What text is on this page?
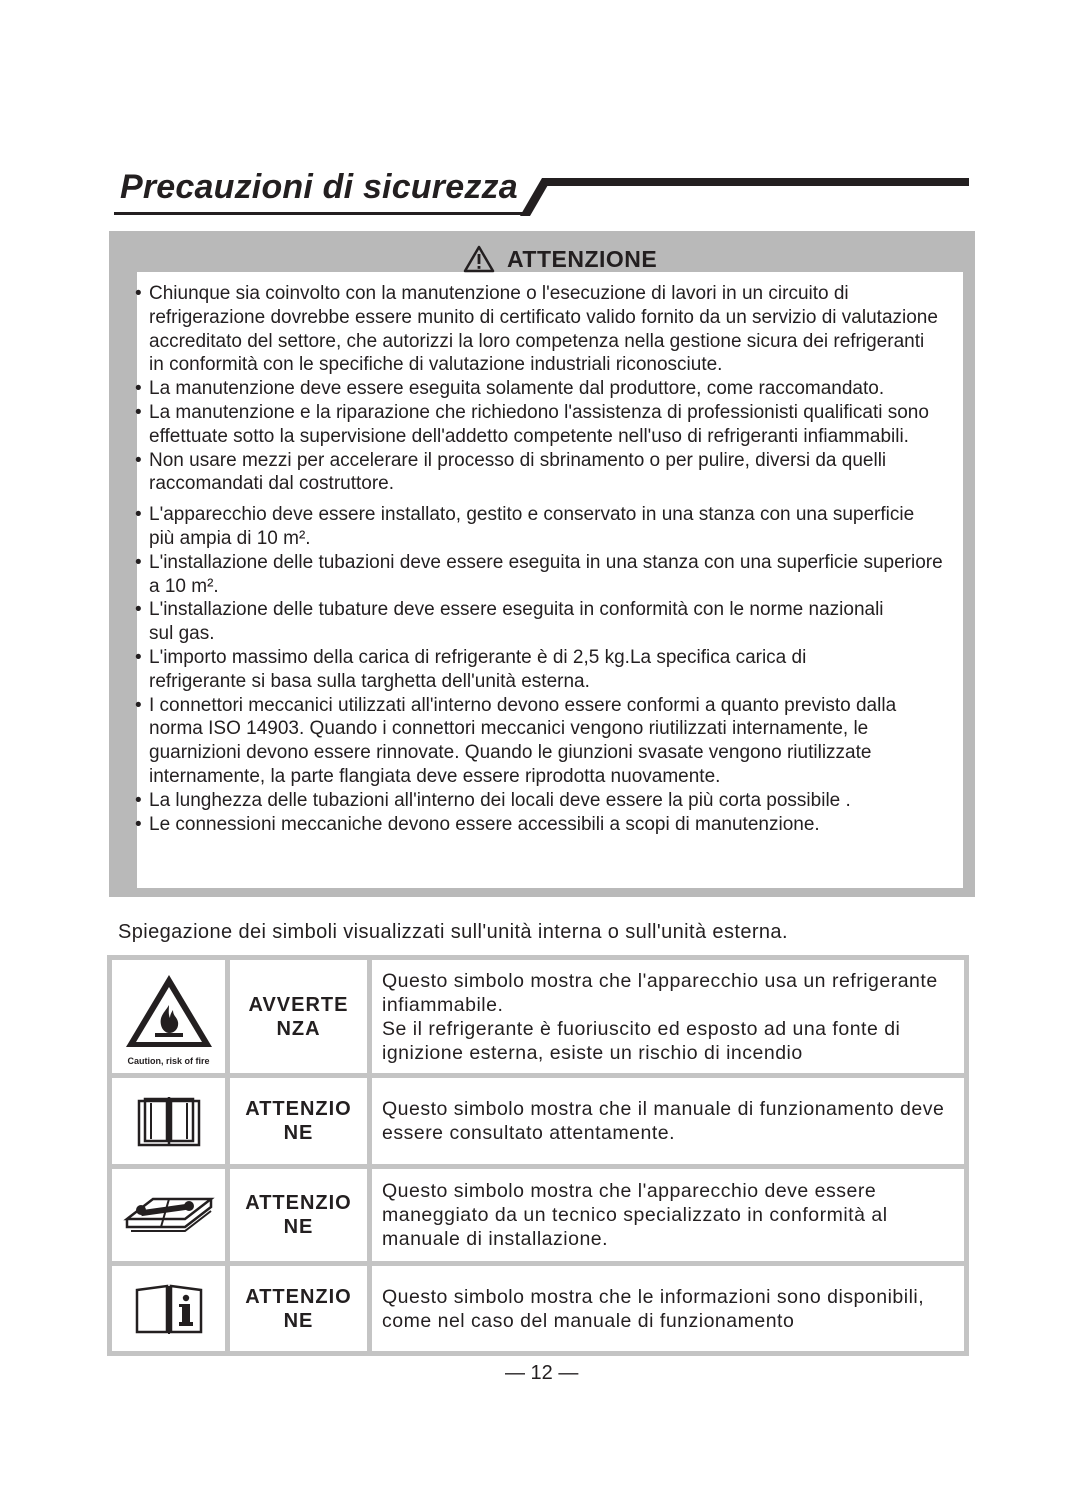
Precauzioni di sicurezza
ATTENZIONE
• Chiunque sia coinvolto con la manutenzione o l'esecuzione di lavori in un circuito di refrigerazione dovrebbe essere munito di certificato valido fornito da un servizio di valutazione accreditato del settore, che autorizzi la loro competenza nella gestione sicura dei refrigeranti in conformità con le specifiche di valutazione industriali riconosciute.
• La manutenzione deve essere eseguita solamente dal produttore, come raccomandato.
• La manutenzione e la riparazione che richiedono l'assistenza di professionisti qualificati sono effettuate sotto la supervisione dell'addetto competente nell'uso di refrigeranti infiammabili.
• Non usare mezzi per accelerare il processo di sbrinamento o per pulire, diversi da quelli raccomandati dal costruttore.
• L'apparecchio deve essere installato, gestito e conservato in una stanza con una superficie più ampia di 10 m².
• L'installazione delle tubazioni deve essere eseguita in una stanza con una superficie superiore a 10 m².
• L'installazione delle tubature deve essere eseguita in conformità con le norme nazionali sul gas.
• L'importo massimo della carica di refrigerante è di 2,5 kg.La specifica carica di refrigerante si basa sulla targhetta dell'unità esterna.
• I connettori meccanici utilizzati all'interno devono essere conformi a quanto previsto dalla norma ISO 14903. Quando i connettori meccanici vengono riutilizzati internamente, le guarnizioni devono essere rinnovate. Quando le giunzioni svasate vengono riutilizzate internamente, la parte flangiata deve essere riprodotta nuovamente.
• La lunghezza delle tubazioni all'interno dei locali deve essere la più corta possibile .
• Le connessioni meccaniche devono essere accessibili a scopi di manutenzione.
Spiegazione dei simboli visualizzati sull'unità interna o sull'unità esterna.
Caution, risk of fire
AVVERTE
NZA
Questo simbolo mostra che l'apparecchio usa un refrigerante infiammabile.
Se il refrigerante è fuoriuscito ed esposto ad una fonte di ignizione esterna, esiste un rischio di incendio
ATTENZIO
NE
Questo simbolo mostra che il manuale di funzionamento deve essere consultato attentamente.
ATTENZIO
NE
Questo simbolo mostra che l'apparecchio deve essere maneggiato da un tecnico specializzato in conformità al manuale di installazione.
ATTENZIO
NE
Questo simbolo mostra che le informazioni sono disponibili, come nel caso del manuale di funzionamento
— 12 —
